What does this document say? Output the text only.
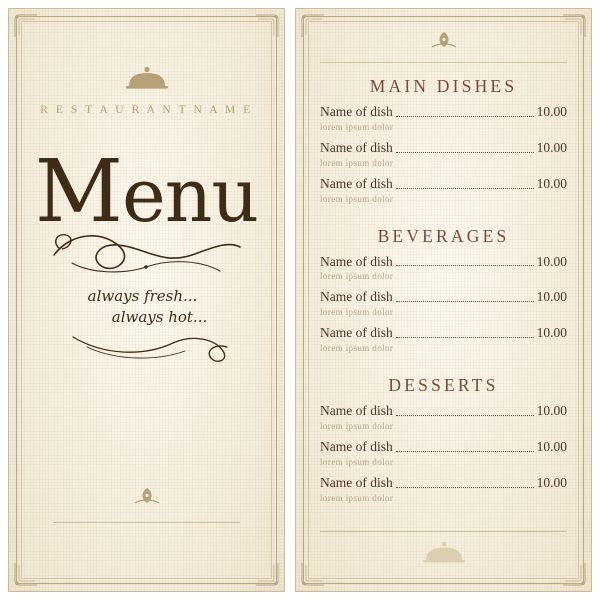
R E S T A U R A N T N A M E
Menu
always fresh...
always hot...
MAIN DISHES
Name of dish	10.00
lorem ipsum dolor
Name of dish	10.00
lorem ipsum dolor
Name of dish	10.00
lorem ipsum dolor
BEVERAGES
Name of dish	10.00
lorem ipsum dolor
Name of dish	10.00
lorem ipsum dolor
Name of dish	10.00
lorem ipsum dolor
DESSERTS
Name of dish	10.00
lorem ipsum dolor
Name of dish	10.00
lorem ipsum dolor
Name of dish	10.00
lorem ipsum dolor
